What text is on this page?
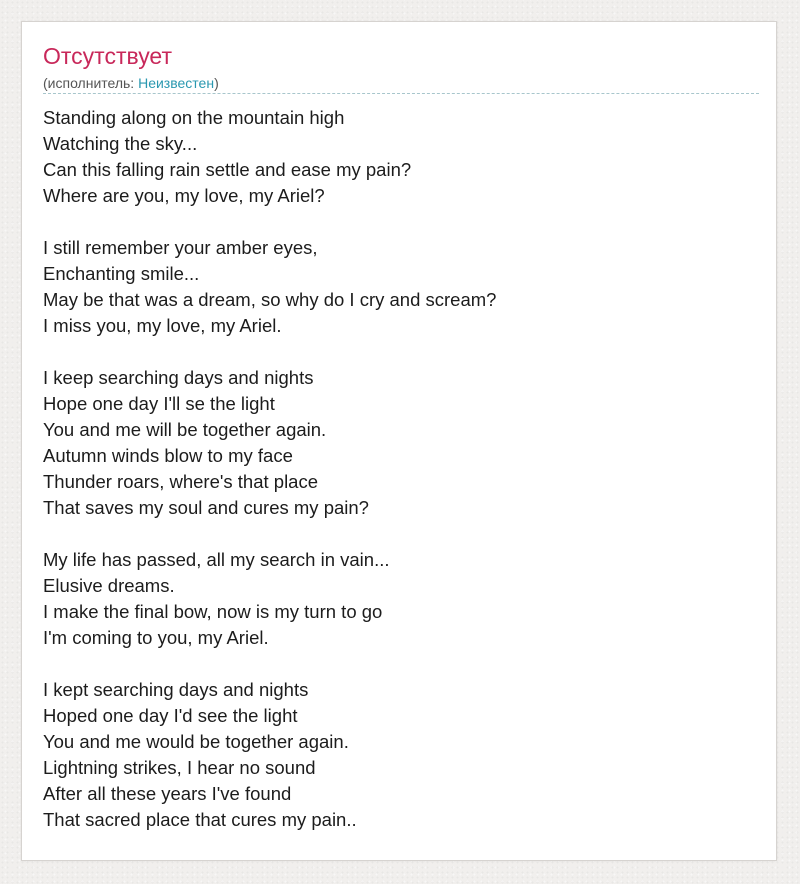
Отсутствует
(исполнитель: Неизвестен)
Standing along on the mountain high
Watching the sky...
Can this falling rain settle and ease my pain?
Where are you, my love, my Ariel?
I still remember your amber eyes,
Enchanting smile...
May be that was a dream, so why do I cry and scream?
I miss you, my love, my Ariel.
I keep searching days and nights
Hope one day I'll se the light
You and me will be together again.
Autumn winds blow to my face
Thunder roars, where's that place
That saves my soul and cures my pain?
My life has passed, all my search in vain...
Elusive dreams.
I make the final bow, now is my turn to go
I'm coming to you, my Ariel.
I kept searching days and nights
Hoped one day I'd see the light
You and me would be together again.
Lightning strikes, I hear no sound
After all these years I've found
That sacred place that cures my pain..
